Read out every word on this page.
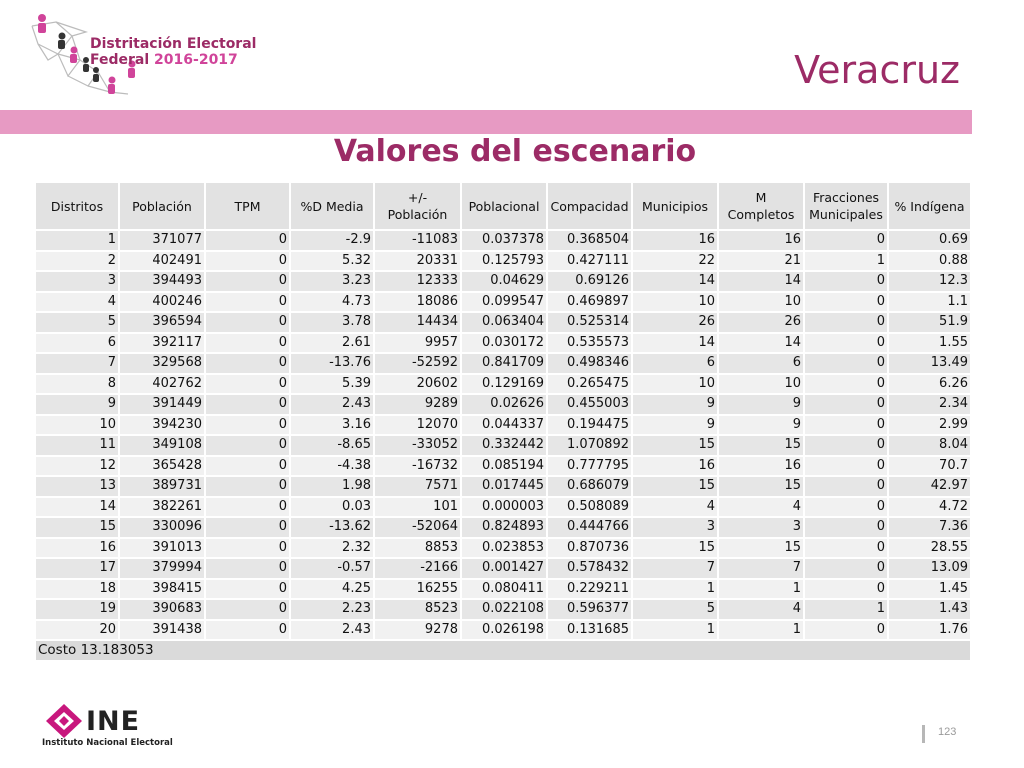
Distritación Electoral
Federal 2016-2017	Veracruz
Valores del escenario
Distritos	Población	TPM	%D Media	+/- Población	Poblacional	Compacidad	Municipios	M Completos	Fracciones Municipales	% Indígena
1	371077	0	-2.9	-11083	0.037378	0.368504	16	16	0	0.69
2	402491	0	5.32	20331	0.125793	0.427111	22	21	1	0.88
3	394493	0	3.23	12333	0.04629	0.69126	14	14	0	12.3
4	400246	0	4.73	18086	0.099547	0.469897	10	10	0	1.1
5	396594	0	3.78	14434	0.063404	0.525314	26	26	0	51.9
6	392117	0	2.61	9957	0.030172	0.535573	14	14	0	1.55
7	329568	0	-13.76	-52592	0.841709	0.498346	6	6	0	13.49
8	402762	0	5.39	20602	0.129169	0.265475	10	10	0	6.26
9	391449	0	2.43	9289	0.02626	0.455003	9	9	0	2.34
10	394230	0	3.16	12070	0.044337	0.194475	9	9	0	2.99
11	349108	0	-8.65	-33052	0.332442	1.070892	15	15	0	8.04
12	365428	0	-4.38	-16732	0.085194	0.777795	16	16	0	70.7
13	389731	0	1.98	7571	0.017445	0.686079	15	15	0	42.97
14	382261	0	0.03	101	0.000003	0.508089	4	4	0	4.72
15	330096	0	-13.62	-52064	0.824893	0.444766	3	3	0	7.36
16	391013	0	2.32	8853	0.023853	0.870736	15	15	0	28.55
17	379994	0	-0.57	-2166	0.001427	0.578432	7	7	0	13.09
18	398415	0	4.25	16255	0.080411	0.229211	1	1	0	1.45
19	390683	0	2.23	8523	0.022108	0.596377	5	4	1	1.43
20	391438	0	2.43	9278	0.026198	0.131685	1	1	0	1.76
Costo 13.183053										
INE
Instituto Nacional Electoral
123
